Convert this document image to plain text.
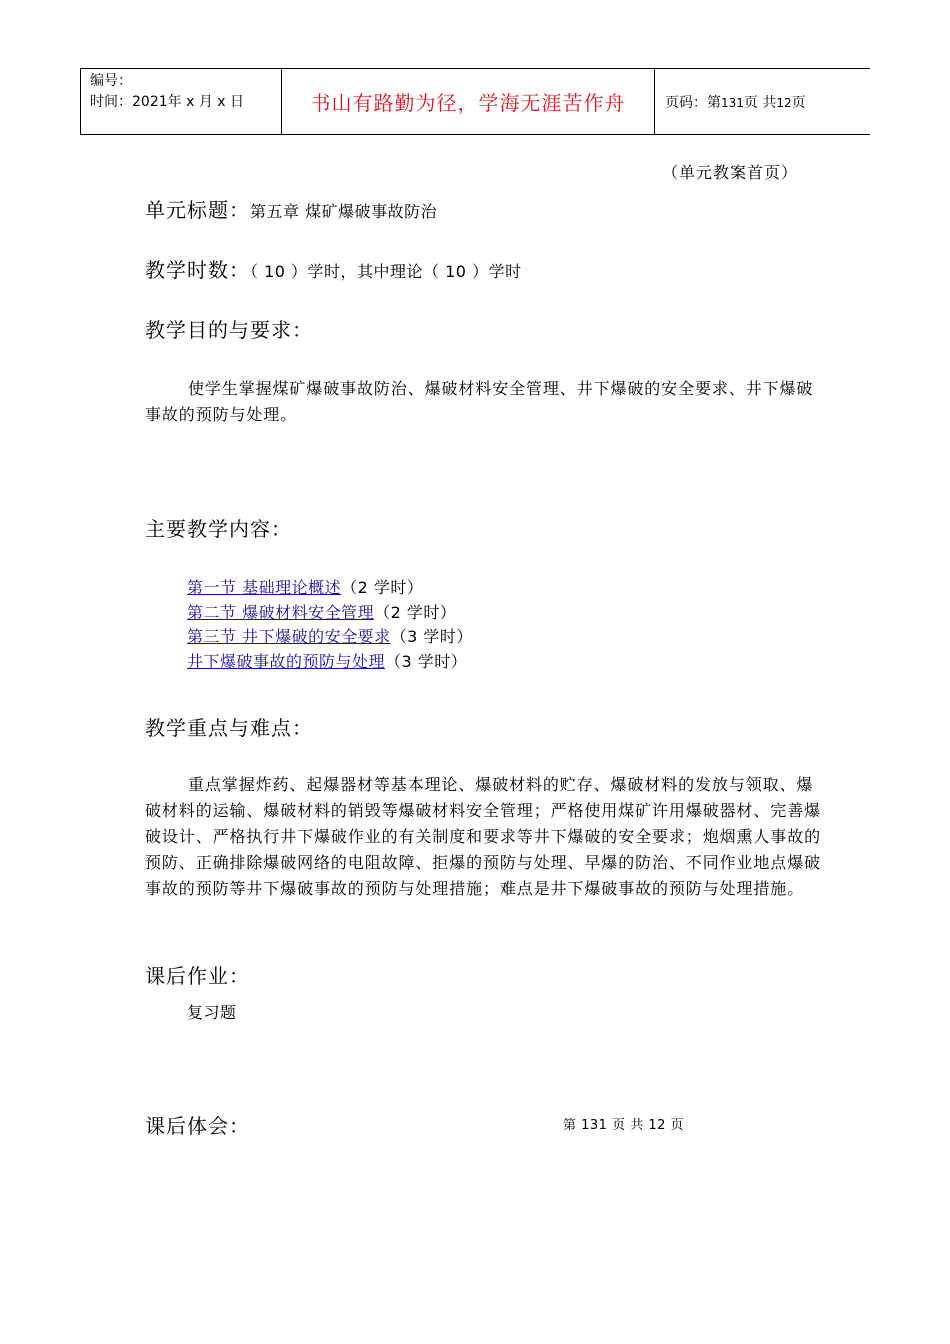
编号：
时间：2021年 x 月 x 日	书山有路勤为径，学海无涯苦作舟	页码：第131页 共12页
（单元教案首页）
单元标题：第五章 煤矿爆破事故防治
教学时数：（ 10 ）学时，其中理论（ 10 ）学时
教学目的与要求：
使学生掌握煤矿爆破事故防治、爆破材料安全管理、井下爆破的安全要求、井下爆破事故的预防与处理。
主要教学内容：
第一节 基础理论概述（2 学时）
第二节 爆破材料安全管理（2 学时）
第三节 井下爆破的安全要求（3 学时）
井下爆破事故的预防与处理（3 学时）
教学重点与难点：
重点掌握炸药、起爆器材等基本理论、爆破材料的贮存、爆破材料的发放与领取、爆破材料的运输、爆破材料的销毁等爆破材料安全管理；严格使用煤矿许用爆破器材、完善爆破设计、严格执行井下爆破作业的有关制度和要求等井下爆破的安全要求；炮烟熏人事故的预防、正确排除爆破网络的电阻故障、拒爆的预防与处理、早爆的防治、不同作业地点爆破事故的预防等井下爆破事故的预防与处理措施；难点是井下爆破事故的预防与处理措施。
课后作业：
复习题
课后体会：	第 131 页 共 12 页
